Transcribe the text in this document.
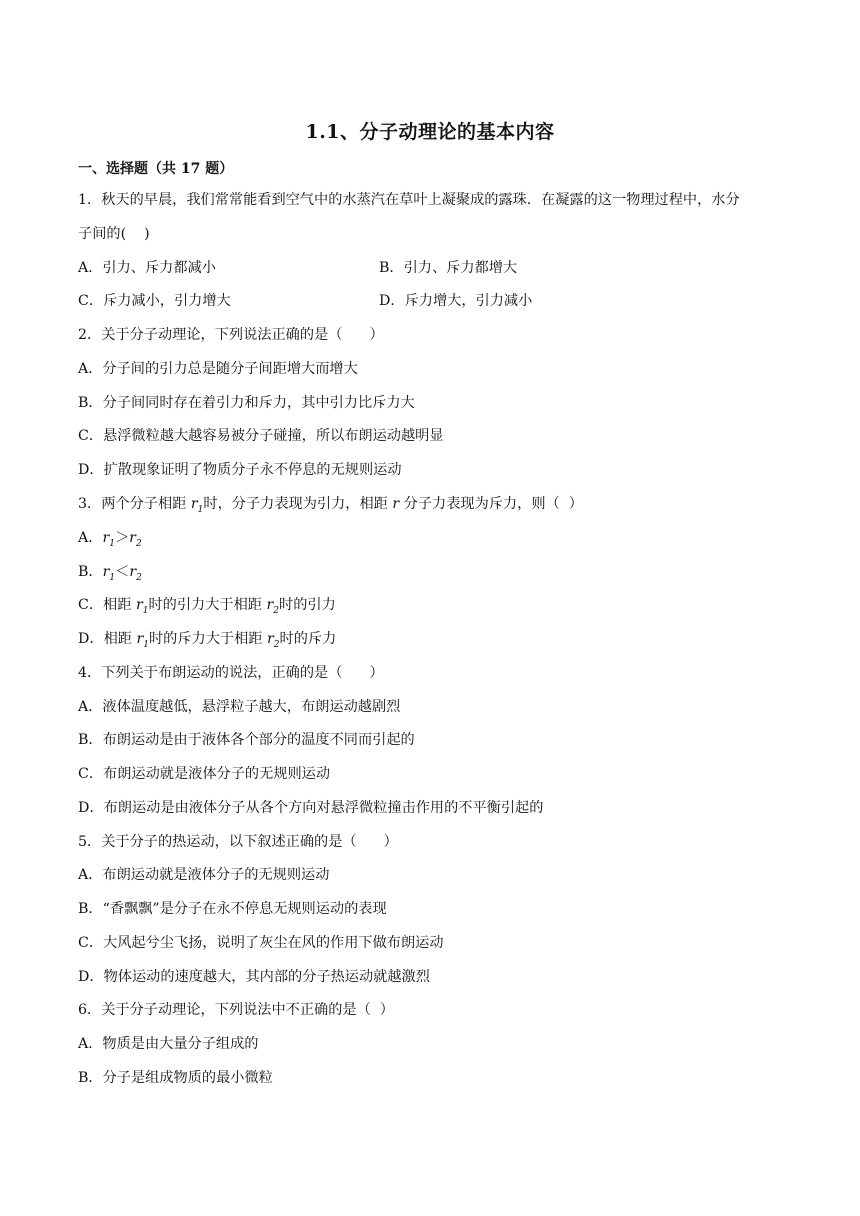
1.1、分子动理论的基本内容
一、选择题（共 17 题）
1．秋天的早晨，我们常常能看到空气中的水蒸汽在草叶上凝聚成的露珠．在凝露的这一物理过程中，水分
子间的(    )
A．引力、斥力都减小	B．引力、斥力都增大
C．斥力减小，引力增大	D．斥力增大，引力减小
2．关于分子动理论，下列说法正确的是（      ）
A．分子间的引力总是随分子间距增大而增大
B．分子间同时存在着引力和斥力，其中引力比斥力大
C．悬浮微粒越大越容易被分子碰撞，所以布朗运动越明显
D．扩散现象证明了物质分子永不停息的无规则运动
3．两个分子相距 $r_1$时，分子力表现为引力，相距 r 分子力表现为斥力，则（  ）
A．$r_1>r_2$
B．$r_1<r_2$
C．相距 $r_1$时的引力大于相距 $r_2$时的引力
D．相距 $r_1$时的斥力大于相距 $r_2$时的斥力
4．下列关于布朗运动的说法，正确的是（      ）
A．液体温度越低，悬浮粒子越大，布朗运动越剧烈
B．布朗运动是由于液体各个部分的温度不同而引起的
C．布朗运动就是液体分子的无规则运动
D．布朗运动是由液体分子从各个方向对悬浮微粒撞击作用的不平衡引起的
5．关于分子的热运动，以下叙述正确的是（      ）
A．布朗运动就是液体分子的无规则运动
B．“香飘飘”是分子在永不停息无规则运动的表现
C．大风起兮尘飞扬，说明了灰尘在风的作用下做布朗运动
D．物体运动的速度越大，其内部的分子热运动就越激烈
6．关于分子动理论，下列说法中不正确的是（  ）
A．物质是由大量分子组成的
B．分子是组成物质的最小微粒
